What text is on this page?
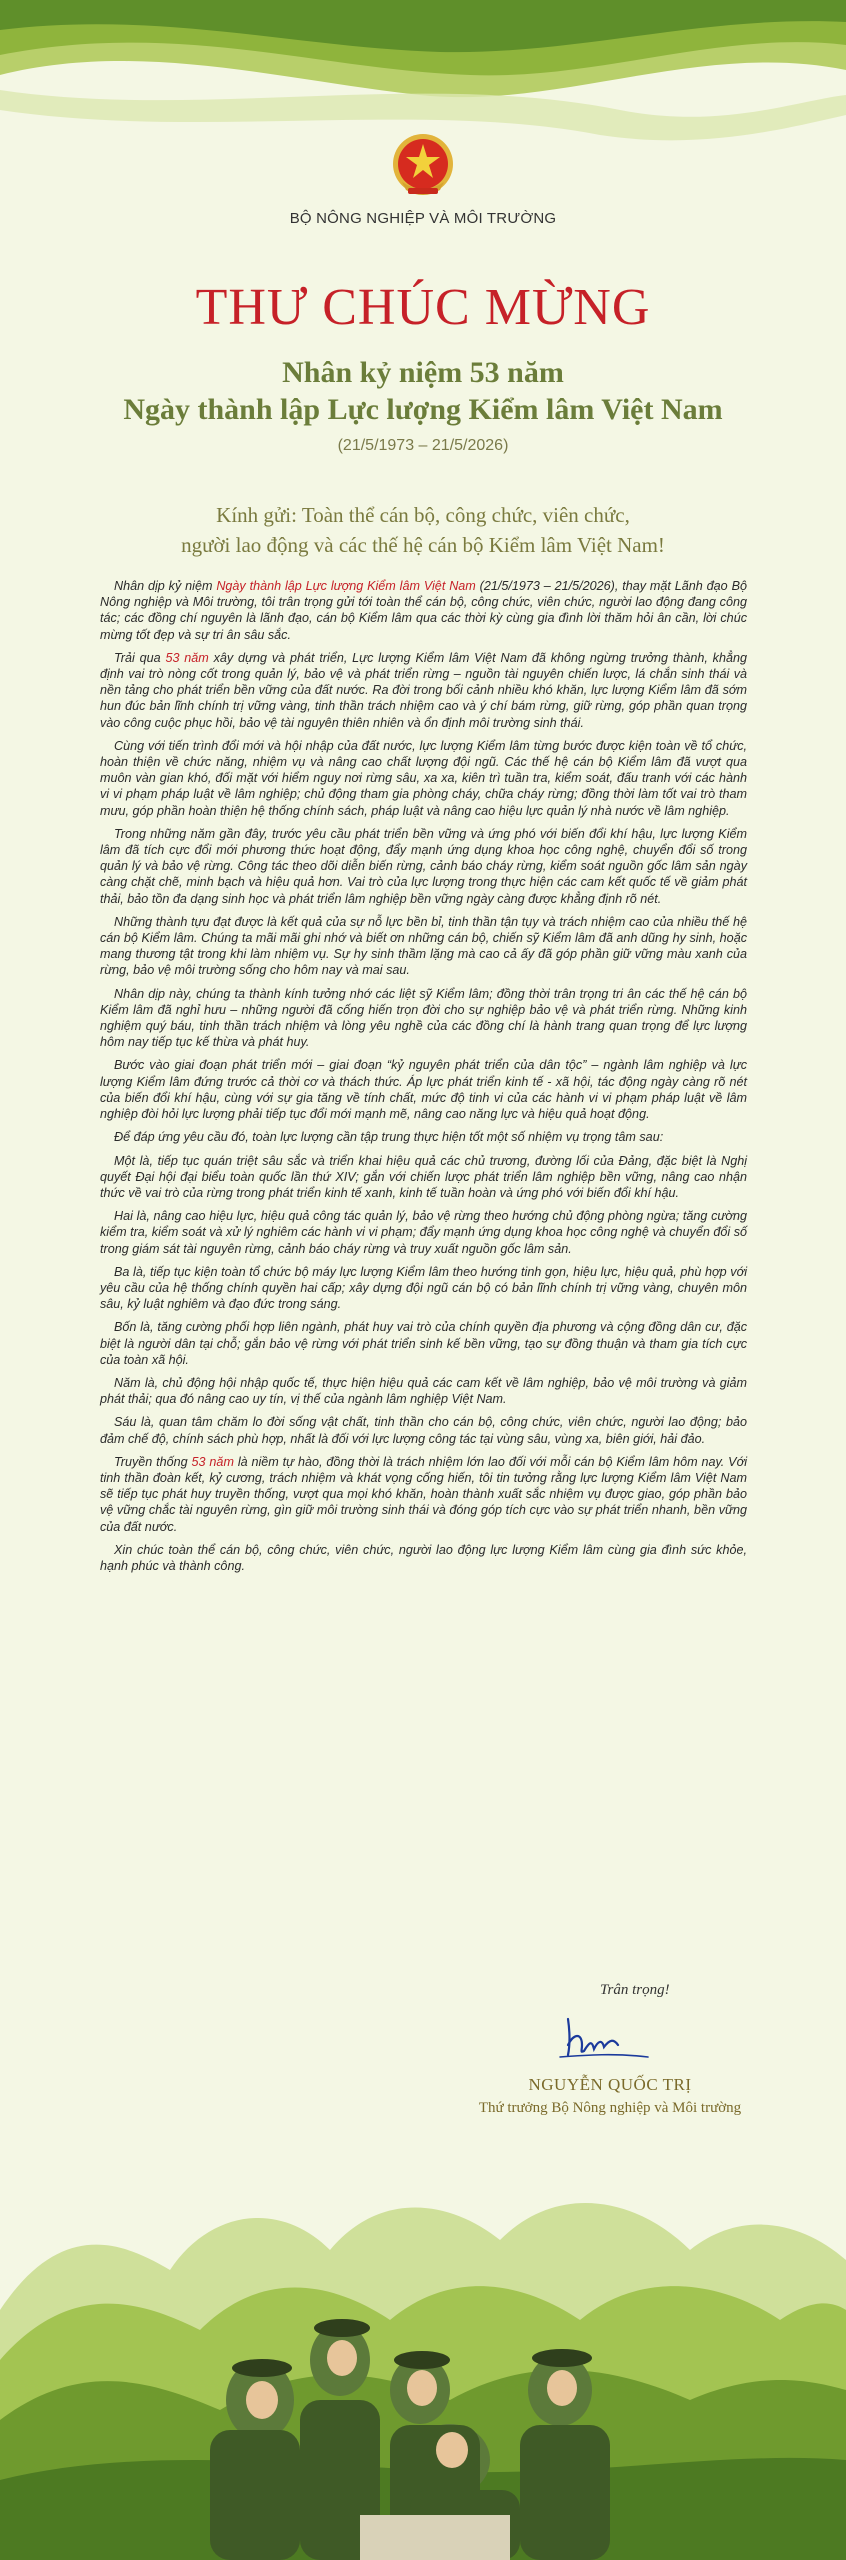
BỘ NÔNG NGHIỆP VÀ MÔI TRƯỜNG
THƯ CHÚC MỪNG
Nhân kỷ niệm 53 năm
Ngày thành lập Lực lượng Kiểm lâm Việt Nam
(21/5/1973 – 21/5/2026)
Kính gửi: Toàn thể cán bộ, công chức, viên chức,
người lao động và các thế hệ cán bộ Kiểm lâm Việt Nam!

Nhân dịp kỷ niệm Ngày thành lập Lực lượng Kiểm lâm Việt Nam (21/5/1973 – 21/5/2026), thay mặt Lãnh đạo Bộ Nông nghiệp và Môi trường, tôi trân trọng gửi tới toàn thể cán bộ, công chức, viên chức, người lao động đang công tác; các đồng chí nguyên là lãnh đạo, cán bộ Kiểm lâm qua các thời kỳ cùng gia đình lời thăm hỏi ân cần, lời chúc mừng tốt đẹp và sự tri ân sâu sắc.

Trải qua 53 năm xây dựng và phát triển, Lực lượng Kiểm lâm Việt Nam đã không ngừng trưởng thành, khẳng định vai trò nòng cốt trong quản lý, bảo vệ và phát triển rừng – nguồn tài nguyên chiến lược, lá chắn sinh thái và nền tảng cho phát triển bền vững của đất nước. Ra đời trong bối cảnh nhiều khó khăn, lực lượng Kiểm lâm đã sớm hun đúc bản lĩnh chính trị vững vàng, tinh thần trách nhiệm cao và ý chí bám rừng, giữ rừng, góp phần quan trọng vào công cuộc phục hồi, bảo vệ tài nguyên thiên nhiên và ổn định môi trường sinh thái.

Cùng với tiến trình đổi mới và hội nhập của đất nước, lực lượng Kiểm lâm từng bước được kiện toàn về tổ chức, hoàn thiện về chức năng, nhiệm vụ và nâng cao chất lượng đội ngũ. Các thế hệ cán bộ Kiểm lâm đã vượt qua muôn vàn gian khó, đối mặt với hiểm nguy nơi rừng sâu, xa xa, kiên trì tuần tra, kiểm soát, đấu tranh với các hành vi vi phạm pháp luật về lâm nghiệp; chủ động tham gia phòng cháy, chữa cháy rừng; đồng thời làm tốt vai trò tham mưu, góp phần hoàn thiện hệ thống chính sách, pháp luật và nâng cao hiệu lực quản lý nhà nước về lâm nghiệp.

Trong những năm gần đây, trước yêu cầu phát triển bền vững và ứng phó với biến đổi khí hậu, lực lượng Kiểm lâm đã tích cực đổi mới phương thức hoạt động, đẩy mạnh ứng dụng khoa học công nghệ, chuyển đổi số trong quản lý và bảo vệ rừng. Công tác theo dõi diễn biến rừng, cảnh báo cháy rừng, kiểm soát nguồn gốc lâm sản ngày càng chặt chẽ, minh bạch và hiệu quả hơn. Vai trò của lực lượng trong thực hiện các cam kết quốc tế về giảm phát thải, bảo tồn đa dạng sinh học và phát triển lâm nghiệp bền vững ngày càng được khẳng định rõ nét.

Những thành tựu đạt được là kết quả của sự nỗ lực bền bỉ, tinh thần tận tụy và trách nhiệm cao của nhiều thế hệ cán bộ Kiểm lâm. Chúng ta mãi mãi ghi nhớ và biết ơn những cán bộ, chiến sỹ Kiểm lâm đã anh dũng hy sinh, hoặc mang thương tật trong khi làm nhiệm vụ. Sự hy sinh thầm lặng mà cao cả ấy đã góp phần giữ vững màu xanh của rừng, bảo vệ môi trường sống cho hôm nay và mai sau.

Nhân dịp này, chúng ta thành kính tưởng nhớ các liệt sỹ Kiểm lâm; đồng thời trân trọng tri ân các thế hệ cán bộ Kiểm lâm đã nghỉ hưu – những người đã cống hiến trọn đời cho sự nghiệp bảo vệ và phát triển rừng. Những kinh nghiệm quý báu, tinh thần trách nhiệm và lòng yêu nghề của các đồng chí là hành trang quan trọng để lực lượng hôm nay tiếp tục kế thừa và phát huy.

Bước vào giai đoạn phát triển mới – giai đoạn “kỷ nguyên phát triển của dân tộc” – ngành lâm nghiệp và lực lượng Kiểm lâm đứng trước cả thời cơ và thách thức. Áp lực phát triển kinh tế - xã hội, tác động ngày càng rõ nét của biến đổi khí hậu, cùng với sự gia tăng về tính chất, mức độ tinh vi của các hành vi vi phạm pháp luật về lâm nghiệp đòi hỏi lực lượng phải tiếp tục đổi mới mạnh mẽ, nâng cao năng lực và hiệu quả hoạt động.

Để đáp ứng yêu cầu đó, toàn lực lượng cần tập trung thực hiện tốt một số nhiệm vụ trọng tâm sau:

Một là, tiếp tục quán triệt sâu sắc và triển khai hiệu quả các chủ trương, đường lối của Đảng, đặc biệt là Nghị quyết Đại hội đại biểu toàn quốc lần thứ XIV; gắn với chiến lược phát triển lâm nghiệp bền vững, nâng cao nhận thức về vai trò của rừng trong phát triển kinh tế xanh, kinh tế tuần hoàn và ứng phó với biến đổi khí hậu.

Hai là, nâng cao hiệu lực, hiệu quả công tác quản lý, bảo vệ rừng theo hướng chủ động phòng ngừa; tăng cường kiểm tra, kiểm soát và xử lý nghiêm các hành vi vi phạm; đẩy mạnh ứng dụng khoa học công nghệ và chuyển đổi số trong giám sát tài nguyên rừng, cảnh báo cháy rừng và truy xuất nguồn gốc lâm sản.

Ba là, tiếp tục kiện toàn tổ chức bộ máy lực lượng Kiểm lâm theo hướng tinh gọn, hiệu lực, hiệu quả, phù hợp với yêu cầu của hệ thống chính quyền hai cấp; xây dựng đội ngũ cán bộ có bản lĩnh chính trị vững vàng, chuyên môn sâu, kỷ luật nghiêm và đạo đức trong sáng.

Bốn là, tăng cường phối hợp liên ngành, phát huy vai trò của chính quyền địa phương và cộng đồng dân cư, đặc biệt là người dân tại chỗ; gắn bảo vệ rừng với phát triển sinh kế bền vững, tạo sự đồng thuận và tham gia tích cực của toàn xã hội.

Năm là, chủ động hội nhập quốc tế, thực hiện hiệu quả các cam kết về lâm nghiệp, bảo vệ môi trường và giảm phát thải; qua đó nâng cao uy tín, vị thế của ngành lâm nghiệp Việt Nam.

Sáu là, quan tâm chăm lo đời sống vật chất, tinh thần cho cán bộ, công chức, viên chức, người lao động; bảo đảm chế độ, chính sách phù hợp, nhất là đối với lực lượng công tác tại vùng sâu, vùng xa, biên giới, hải đảo.

Truyền thống 53 năm là niềm tự hào, đồng thời là trách nhiệm lớn lao đối với mỗi cán bộ Kiểm lâm hôm nay. Với tinh thần đoàn kết, kỷ cương, trách nhiệm và khát vọng cống hiến, tôi tin tưởng rằng lực lượng Kiểm lâm Việt Nam sẽ tiếp tục phát huy truyền thống, vượt qua mọi khó khăn, hoàn thành xuất sắc nhiệm vụ được giao, góp phần bảo vệ vững chắc tài nguyên rừng, gìn giữ môi trường sinh thái và đóng góp tích cực vào sự phát triển nhanh, bền vững của đất nước.

Xin chúc toàn thể cán bộ, công chức, viên chức, người lao động lực lượng Kiểm lâm cùng gia đình sức khỏe, hạnh phúc và thành công.

Trân trọng!
NGUYỄN QUỐC TRỊ
Thứ trưởng Bộ Nông nghiệp và Môi trường
